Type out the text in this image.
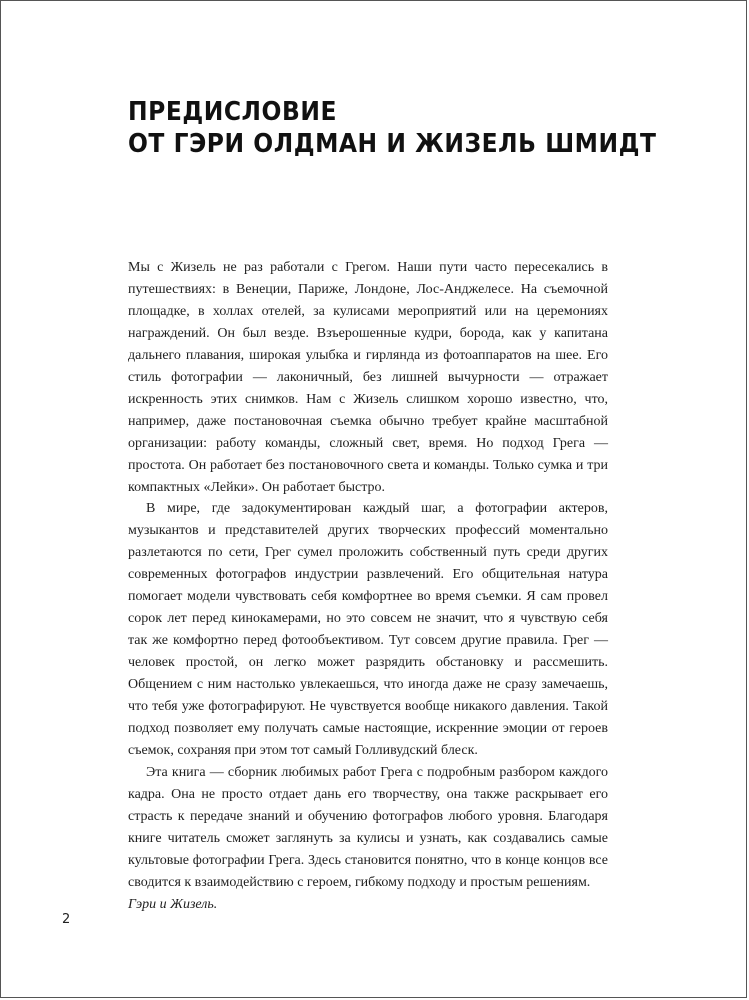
ПРЕДИСЛОВИЕ
ОТ ГЭРИ ОЛДМАН И ЖИЗЕЛЬ ШМИДТ

Мы с Жизель не раз работали с Грегом. Наши пути часто пересекались в путешествиях: в Венеции, Париже, Лондоне, Лос-Анджелесе. На съемочной площадке, в холлах отелей, за кулисами мероприятий или на церемониях награждений. Он был везде. Взъерошенные кудри, борода, как у капитана дальнего плавания, широкая улыбка и гирлянда из фотоаппаратов на шее. Его стиль фотографии — лаконичный, без лишней вычурности — отражает искренность этих снимков. Нам с Жизель слишком хорошо известно, что, например, даже постановочная съемка обычно требует крайне масштабной организации: работу команды, сложный свет, время. Но подход Грега — простота. Он работает без постановочного света и команды. Только сумка и три компактных «Лейки». Он работает быстро.

В мире, где задокументирован каждый шаг, а фотографии актеров, музыкантов и представителей других творческих профессий моментально разлетаются по сети, Грег сумел проложить собственный путь среди других современных фотографов индустрии развлечений. Его общительная натура помогает модели чувствовать себя комфортнее во время съемки. Я сам провел сорок лет перед кинокамерами, но это совсем не значит, что я чувствую себя так же комфортно перед фотообъективом. Тут совсем другие правила. Грег — человек простой, он легко может разрядить обстановку и рассмешить. Общением с ним настолько увлекаешься, что иногда даже не сразу замечаешь, что тебя уже фотографируют. Не чувствуется вообще никакого давления. Такой подход позволяет ему получать самые настоящие, искренние эмоции от героев съемок, сохраняя при этом тот самый Голливудский блеск.

Эта книга — сборник любимых работ Грега с подробным разбором каждого кадра. Она не просто отдает дань его творчеству, она также раскрывает его страсть к передаче знаний и обучению фотографов любого уровня. Благодаря книге читатель сможет заглянуть за кулисы и узнать, как создавались самые культовые фотографии Грега. Здесь становится понятно, что в конце концов все сводится к взаимодействию с героем, гибкому подходу и простым решениям.

Гэри и Жизель.

2
